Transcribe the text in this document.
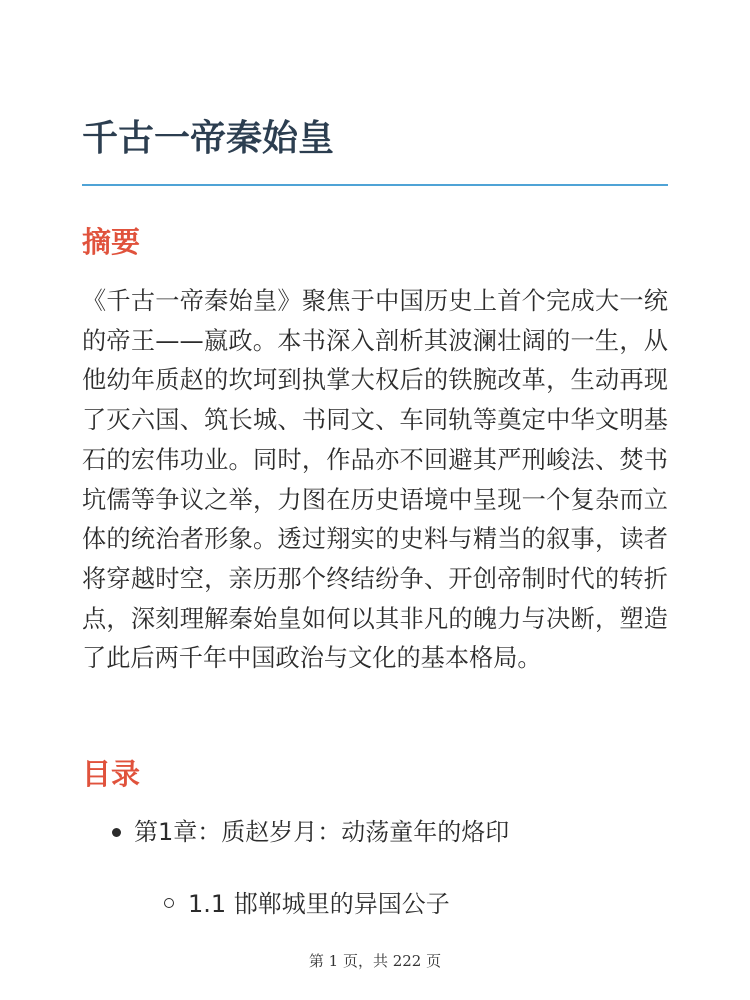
千古一帝秦始皇
摘要

《千古一帝秦始皇》聚焦于中国历史上首个完成大一统的帝王——嬴政。本书深入剖析其波澜壮阔的一生，从他幼年质赵的坎坷到执掌大权后的铁腕改革，生动再现了灭六国、筑长城、书同文、车同轨等奠定中华文明基石的宏伟功业。同时，作品亦不回避其严刑峻法、焚书坑儒等争议之举，力图在历史语境中呈现一个复杂而立体的统治者形象。透过翔实的史料与精当的叙事，读者将穿越时空，亲历那个终结纷争、开创帝制时代的转折点，深刻理解秦始皇如何以其非凡的魄力与决断，塑造了此后两千年中国政治与文化的基本格局。

目录
第1章：质赵岁月：动荡童年的烙印
1.1 邯郸城里的异国公子
第 1 页，共 222 页
